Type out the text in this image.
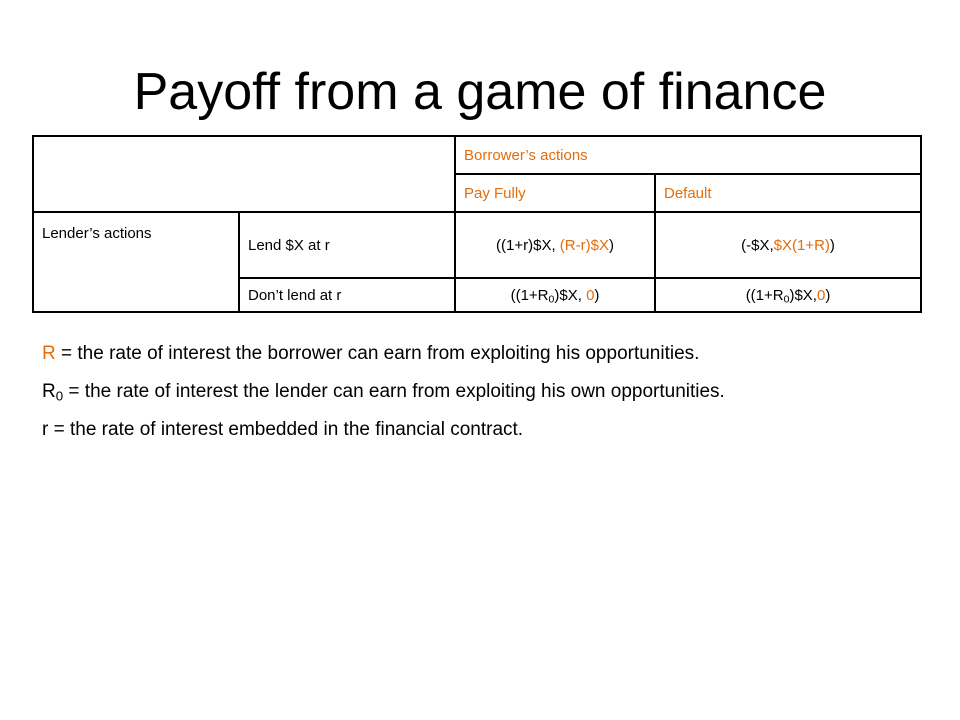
Payoff from a game of finance
		Borrower’s actions	
		Pay Fully	Default
Lender’s actions	Lend $X at r	((1+r)$X, (R-r)$X)	(-$X,$X(1+R))
	Don’t lend at r	($(1+R_0)\$X$, 0)	$((1+R_0)\$X,0)$

R = the rate of interest the borrower can earn from exploiting his opportunities.

$R_0$ = the rate of interest the lender can earn from exploiting his own opportunities.

r = the rate of interest embedded in the financial contract.
